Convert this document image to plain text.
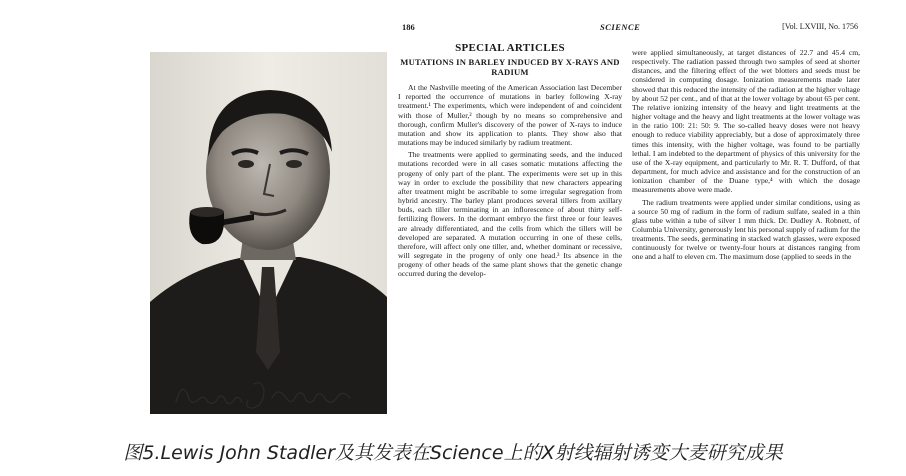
186	SCIENCE	[Vol. LXVIII, No. 1756
SPECIAL ARTICLES
MUTATIONS IN BARLEY INDUCED BY X-RAYS AND RADIUM

At the Nashville meeting of the American Association last December I reported the occurrence of mutations in barley following X-ray treatment.¹ The experiments, which were independent of and coincident with those of Muller,² though by no means so comprehensive and thorough, confirm Muller's discovery of the power of X-rays to induce mutation and show its application to plants. They show also that mutations may be induced similarly by radium treatment.

The treatments were applied to germinating seeds, and the induced mutations recorded were in all cases somatic mutations affecting the progeny of only part of the plant. The experiments were set up in this way in order to exclude the possibility that new characters appearing after treatment might be ascribable to some irregular segregation from hybrid ancestry. The barley plant produces several tillers from axillary buds, each tiller terminating in an inflorescence of about thirty self-fertilizing flowers. In the dormant embryo the first three or four leaves are already differentiated, and the cells from which the tillers will be developed are separated. A mutation occurring in one of these cells, therefore, will affect only one tiller, and, whether dominant or recessive, will segregate in the progeny of only one head.³ Its absence in the progeny of other heads of the same plant shows that the genetic change occurred during the develop-

were applied simultaneously, at target distances of 22.7 and 45.4 cm, respectively. The radiation passed through two samples of seed at shorter distances, and the filtering effect of the wet blotters and seeds must be considered in computing dosage. Ionization measurements made later showed that this reduced the intensity of the radiation at the higher voltage by about 52 per cent., and of that at the lower voltage by about 65 per cent. The relative ionizing intensity of the heavy and light treatments at the higher voltage and the heavy and light treatments at the lower voltage was in the ratio 100: 21: 50: 9. The so-called heavy doses were not heavy enough to reduce viability appreciably, but a dose of approximately three times this intensity, with the higher voltage, was found to be partially lethal. I am indebted to the department of physics of this university for the use of the X-ray equipment, and particularly to Mr. R. T. Dufford, of that department, for much advice and assistance and for the construction of an ionization chamber of the Duane type,⁴ with which the dosage measurements above were made.

The radium treatments were applied under similar conditions, using as a source 50 mg of radium in the form of radium sulfate, sealed in a thin glass tube within a tube of silver 1 mm thick. Dr. Dudley A. Robnett, of Columbia University, generously lent his personal supply of radium for the treatments. The seeds, germinating in stacked watch glasses, were exposed continuously for twelve or twenty-four hours at distances ranging from one and a half to eleven cm. The maximum dose (applied to seeds in the

图5.Lewis John Stadler及其发表在Science上的X射线辐射诱变大麦研究成果
